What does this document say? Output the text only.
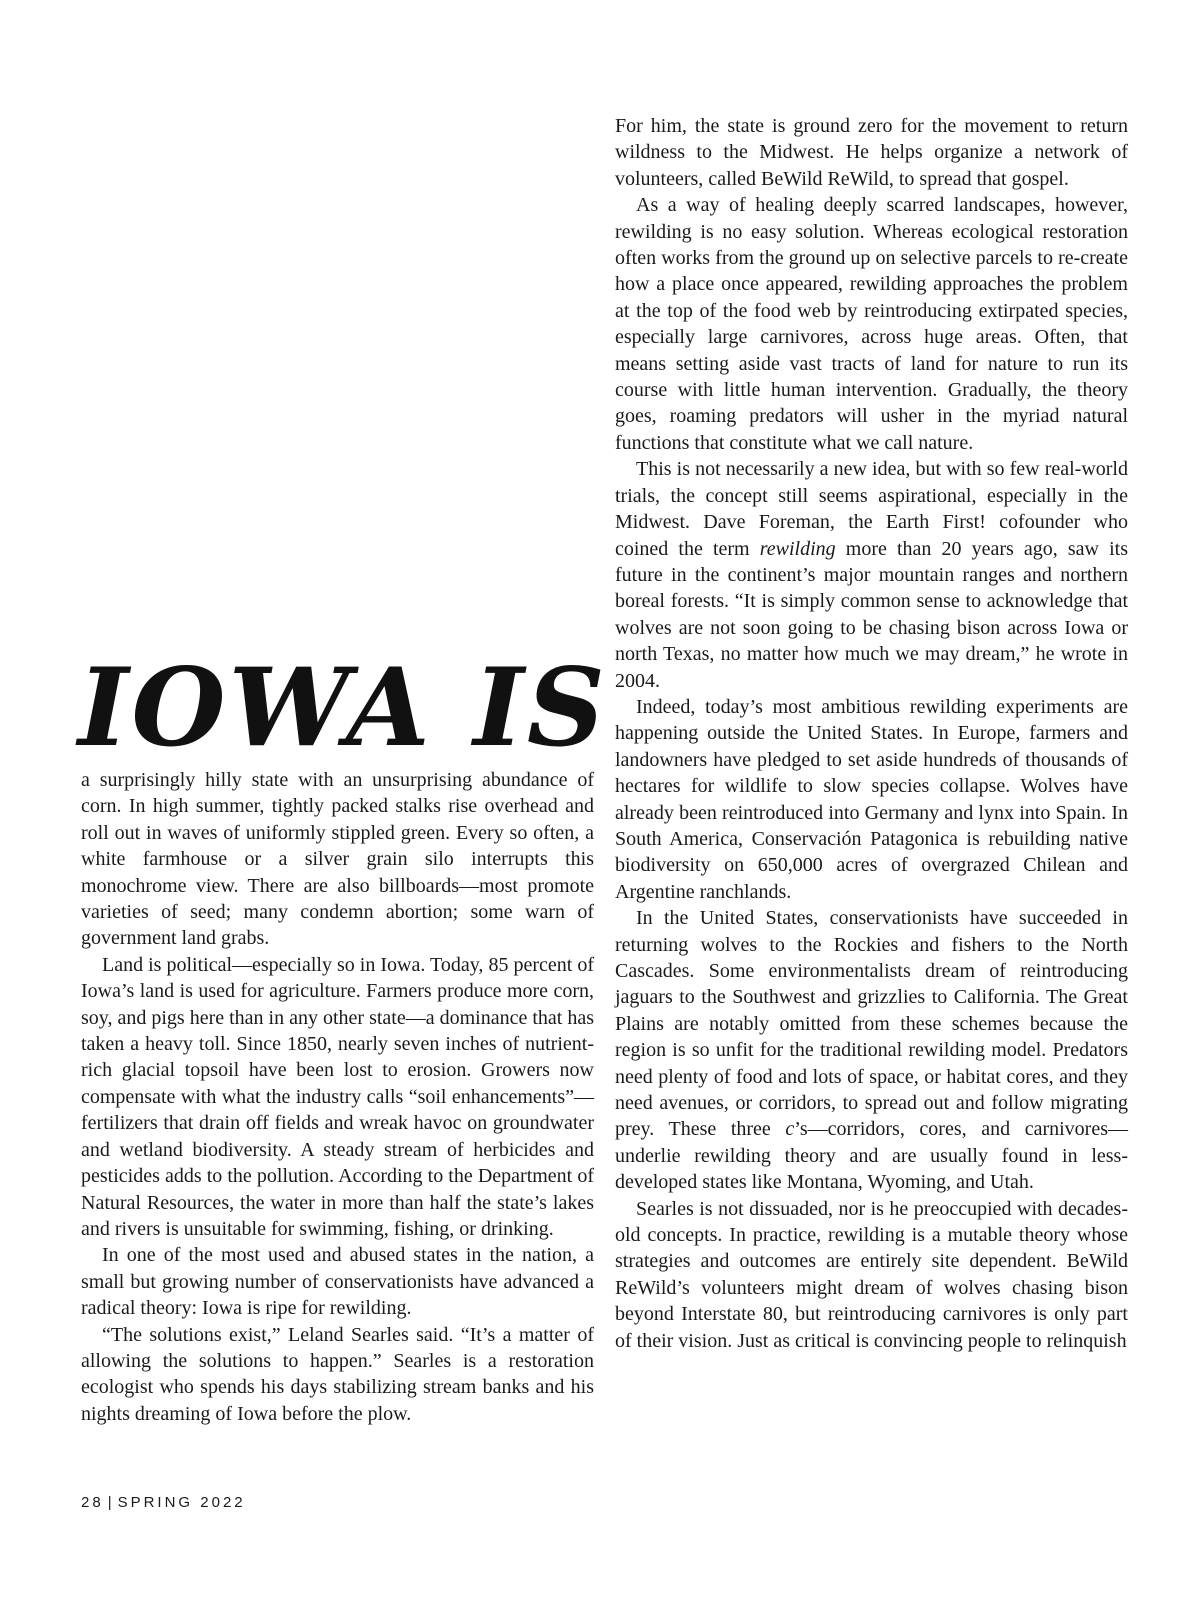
IOWA IS

a surprisingly hilly state with an unsurprising abundance of corn. In high summer, tightly packed stalks rise overhead and roll out in waves of uniformly stippled green. Every so often, a white farmhouse or a silver grain silo interrupts this monochrome view. There are also billboards—most promote varieties of seed; many condemn abortion; some warn of government land grabs.

Land is political—especially so in Iowa. Today, 85 percent of Iowa’s land is used for agriculture. Farmers produce more corn, soy, and pigs here than in any other state—a dominance that has taken a heavy toll. Since 1850, nearly seven inches of nutrient-rich glacial topsoil have been lost to erosion. Growers now compensate with what the industry calls “soil enhancements”—fertilizers that drain off fields and wreak havoc on groundwater and wetland biodiversity. A steady stream of herbicides and pesticides adds to the pollution. According to the Department of Natural Resources, the water in more than half the state’s lakes and rivers is unsuitable for swimming, fishing, or drinking.

In one of the most used and abused states in the nation, a small but growing number of conservationists have advanced a radical theory: Iowa is ripe for rewilding.

“The solutions exist,” Leland Searles said. “It’s a matter of allowing the solutions to happen.” Searles is a restoration ecologist who spends his days stabilizing stream banks and his nights dreaming of Iowa before the plow.

For him, the state is ground zero for the movement to return wildness to the Midwest. He helps organize a network of volunteers, called BeWild ReWild, to spread that gospel.

As a way of healing deeply scarred landscapes, however, rewilding is no easy solution. Whereas ecological restoration often works from the ground up on selective parcels to re-create how a place once appeared, rewilding approaches the problem at the top of the food web by reintroducing extirpated species, especially large carnivores, across huge areas. Often, that means setting aside vast tracts of land for nature to run its course with little human intervention. Gradually, the theory goes, roaming predators will usher in the myriad natural functions that constitute what we call nature.

This is not necessarily a new idea, but with so few real-world trials, the concept still seems aspirational, especially in the Midwest. Dave Foreman, the Earth First! cofounder who coined the term rewilding more than 20 years ago, saw its future in the continent’s major mountain ranges and northern boreal forests. “It is simply common sense to acknowledge that wolves are not soon going to be chasing bison across Iowa or north Texas, no matter how much we may dream,” he wrote in 2004.

Indeed, today’s most ambitious rewilding experiments are happening outside the United States. In Europe, farmers and landowners have pledged to set aside hundreds of thousands of hectares for wildlife to slow species collapse. Wolves have already been reintroduced into Germany and lynx into Spain. In South America, Conservación Patagonica is rebuilding native biodiversity on 650,000 acres of overgrazed Chilean and Argentine ranchlands.

In the United States, conservationists have succeeded in returning wolves to the Rockies and fishers to the North Cascades. Some environmentalists dream of reintroducing jaguars to the Southwest and grizzlies to California. The Great Plains are notably omitted from these schemes because the region is so unfit for the traditional rewilding model. Predators need plenty of food and lots of space, or habitat cores, and they need avenues, or corridors, to spread out and follow migrating prey. These three c’s—corridors, cores, and carnivores—underlie rewilding theory and are usually found in less-developed states like Montana, Wyoming, and Utah.

Searles is not dissuaded, nor is he preoccupied with decades-old concepts. In practice, rewilding is a mutable theory whose strategies and outcomes are entirely site dependent. BeWild ReWild’s volunteers might dream of wolves chasing bison beyond Interstate 80, but reintroducing carnivores is only part of their vision. Just as critical is convincing people to relinquish

28 | SPRING 2022
